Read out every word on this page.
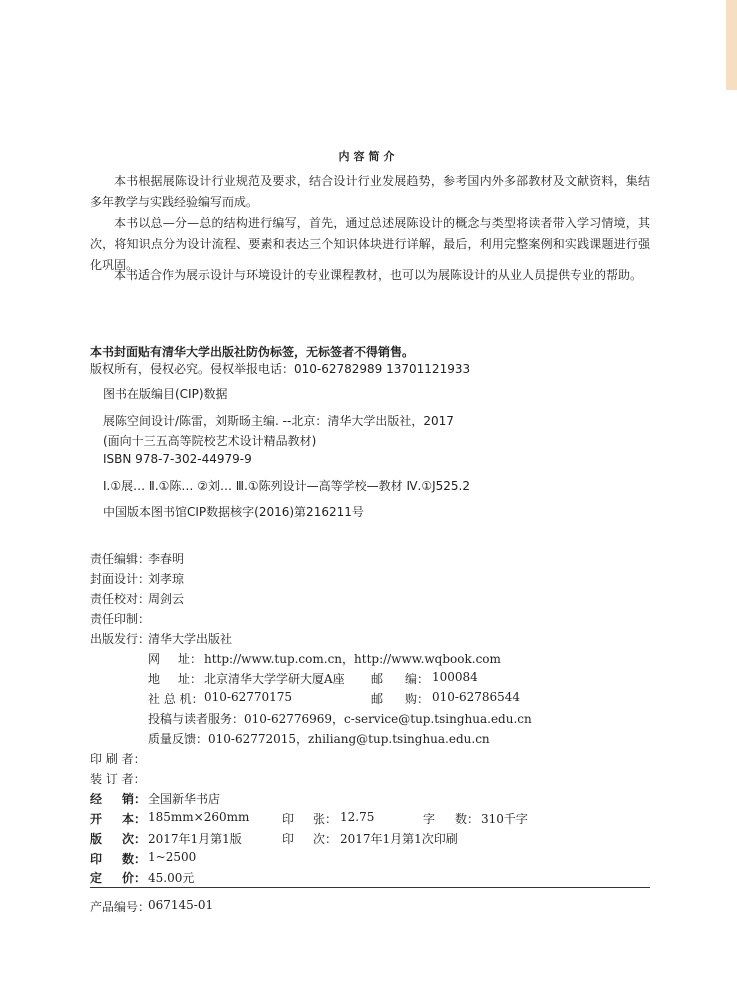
内容简介

本书根据展陈设计行业规范及要求，结合设计行业发展趋势，参考国内外多部教材及文献资料，集结多年教学与实践经验编写而成。

本书以总—分—总的结构进行编写，首先，通过总述展陈设计的概念与类型将读者带入学习情境，其次，将知识点分为设计流程、要素和表达三个知识体块进行详解，最后，利用完整案例和实践课题进行强化巩固。

本书适合作为展示设计与环境设计的专业课程教材，也可以为展陈设计的从业人员提供专业的帮助。

本书封面贴有清华大学出版社防伪标签，无标签者不得销售。
版权所有，侵权必究。侵权举报电话：010-62782989 13701121933
图书在版编目(CIP)数据
展陈空间设计/陈雷，刘斯旸主编. --北京：清华大学出版社，2017
(面向十三五高等院校艺术设计精品教材)
ISBN 978-7-302-44979-9
Ⅰ.①展… Ⅱ.①陈… ②刘… Ⅲ.①陈列设计—高等学校—教材 Ⅳ.①J525.2
中国版本图书馆CIP数据核字(2016)第216211号
责任编辑：
李春明
封面设计：
刘孝琼
责任校对：
周剑云
责任印制：
出版发行：
清华大学出版社
网 址： http://www.tup.com.cn，http://www.wqbook.com
地 址： 北京清华大学学研大厦A座 邮 编： 100084
社 总 机： 010-62770175	邮 购： 010-62786544
投稿与读者服务： 010-62776969，c-service@tup.tsinghua.edu.cn
质量反馈： 010-62772015，zhiliang@tup.tsinghua.edu.cn
印 刷 者：
装 订 者：
经 销： 全国新华书店
开 本： 185mm×260mm	印 张： 12.75	字 数： 310千字
版 次： 2017年1月第1版	印 次： 2017年1月第1次印刷
印 数： 1~2500
定 价： 45.00元
产品编号：
067145-01
